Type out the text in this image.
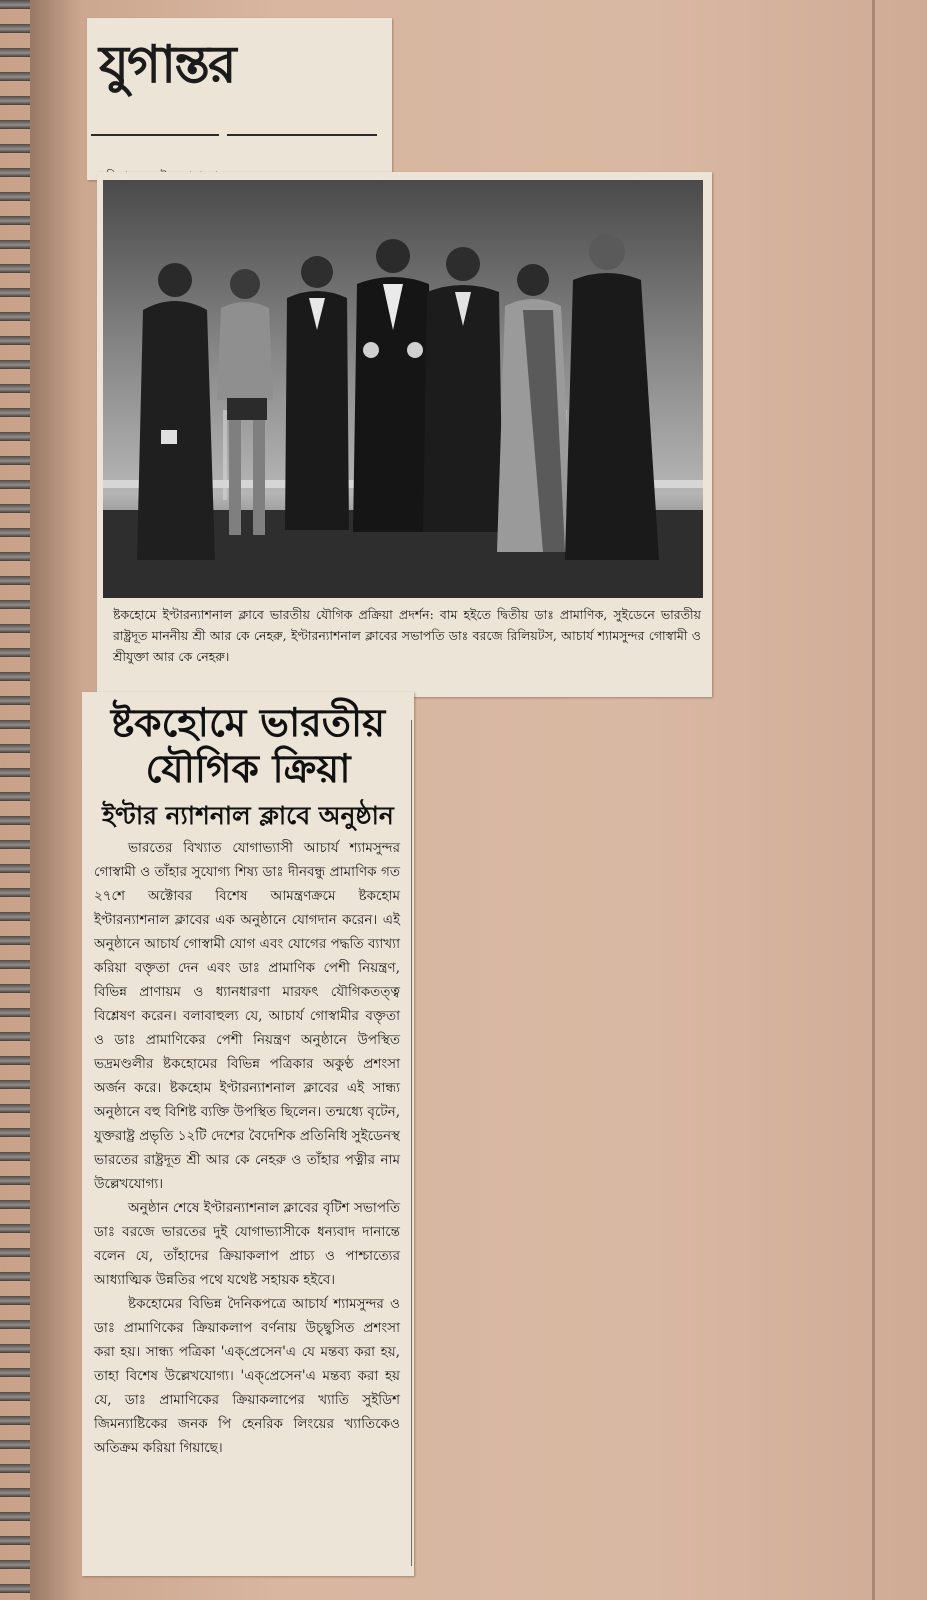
যুগান্তর
ষ্টকহোমে ইণ্টারন্যাশনাল ক্লাবে ভারতীয় যৌগিক প্রক্রিয়া প্রদর্শন: বাম হইতে দ্বিতীয় ডাঃ প্রামাণিক, সুইডেনে ভারতীয় রাষ্ট্রদূত মাননীয় শ্রী আর কে নেহরু, ইণ্টারন্যাশনাল ক্লাবের সভাপতি ডাঃ বরজে রিলিয়টস, আচার্য শ্যামসুন্দর গোস্বামী ও শ্রীযুক্তা আর কে নেহরু।
ষ্টকহোমে ভারতীয়
যৌগিক ক্রিয়া
ইণ্টার ন্যাশনাল ক্লাবে অনুষ্ঠান

ভারতের বিখ্যাত যোগাভ্যাসী আচার্য শ্যামসুন্দর গোস্বামী ও তাঁহার সুযোগ্য শিষ্য ডাঃ দীনবন্ধু প্রামাণিক গত ২৭শে অক্টোবর বিশেষ আমন্ত্রণক্রমে ষ্টকহোম ইণ্টারন্যাশনাল ক্লাবের এক অনুষ্ঠানে যোগদান করেন। এই অনুষ্ঠানে আচার্য গোস্বামী যোগ এবং যোগের পদ্ধতি ব্যাখ্যা করিয়া বক্তৃতা দেন এবং ডাঃ প্রামাণিক পেশী নিয়ন্ত্রণ, বিভিন্ন প্রাণায়ম ও ধ্যানধারণা মারফৎ যৌগিকতত্ত্ব বিশ্লেষণ করেন। বলাবাহুল্য যে, আচার্য গোস্বামীর বক্তৃতা ও ডাঃ প্রামাণিকের পেশী নিয়ন্ত্রণ অনুষ্ঠানে উপস্থিত ভদ্রমণ্ডলীর ষ্টকহোমের বিভিন্ন পত্রিকার অকুণ্ঠ প্রশংসা অর্জন করে। ষ্টকহোম ইণ্টারন্যাশনাল ক্লাবের এই সান্ধ্য অনুষ্ঠানে বহু বিশিষ্ট ব্যক্তি উপস্থিত ছিলেন। তন্মধ্যে বৃটেন, যুক্তরাষ্ট্র প্রভৃতি ১২টি দেশের বৈদেশিক প্রতিনিধি সুইডেনস্থ ভারতের রাষ্ট্রদূত শ্রী আর কে নেহরু ও তাঁহার পত্নীর নাম উল্লেখযোগ্য।

অনুষ্ঠান শেষে ইণ্টারন্যাশনাল ক্লাবের বৃটিশ সভাপতি ডাঃ বরজে ভারতের দুই যোগাভ্যাসীকে ধন্যবাদ দানান্তে বলেন যে, তাঁহাদের ক্রিয়াকলাপ প্রাচ্য ও পাশ্চাত্যের আধ্যাত্মিক উন্নতির পথে যথেষ্ট সহায়ক হইবে।

ষ্টকহোমের বিভিন্ন দৈনিকপত্রে আচার্য শ্যামসুন্দর ও ডাঃ প্রামাণিকের ক্রিয়াকলাপ বর্ণনায় উচ্ছ্বসিত প্রশংসা করা হয়। সান্ধ্য পত্রিকা 'এক্‌প্রেসেন'এ যে মন্তব্য করা হয়, তাহা বিশেষ উল্লেখযোগ্য। 'এক্‌প্রেসেন'এ মন্তব্য করা হয় যে, ডাঃ প্রামাণিকের ক্রিয়াকলাপের খ্যাতি সুইডিশ জিমন্যাষ্টিকের জনক পি হেনরিক লিংয়ের খ্যাতিকেও অতিক্রম করিয়া গিয়াছে।
